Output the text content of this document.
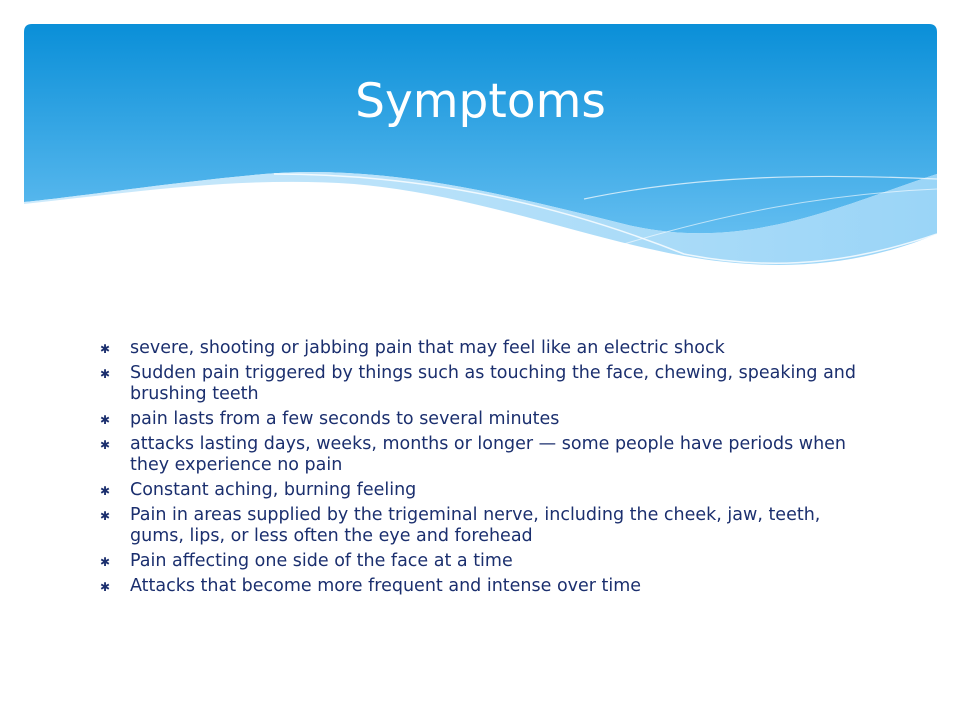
Symptoms
✱ severe, shooting or jabbing pain that may feel like an electric shock
✱ Sudden pain triggered by things such as touching the face, chewing, speaking and brushing teeth
✱ pain lasts from a few seconds to several minutes
✱ attacks lasting days, weeks, months or longer — some people have periods when they experience no pain
✱ Constant aching, burning feeling
✱ Pain in areas supplied by the trigeminal nerve, including the cheek, jaw, teeth, gums, lips, or less often the eye and forehead
✱ Pain affecting one side of the face at a time
✱ Attacks that become more frequent and intense over time
